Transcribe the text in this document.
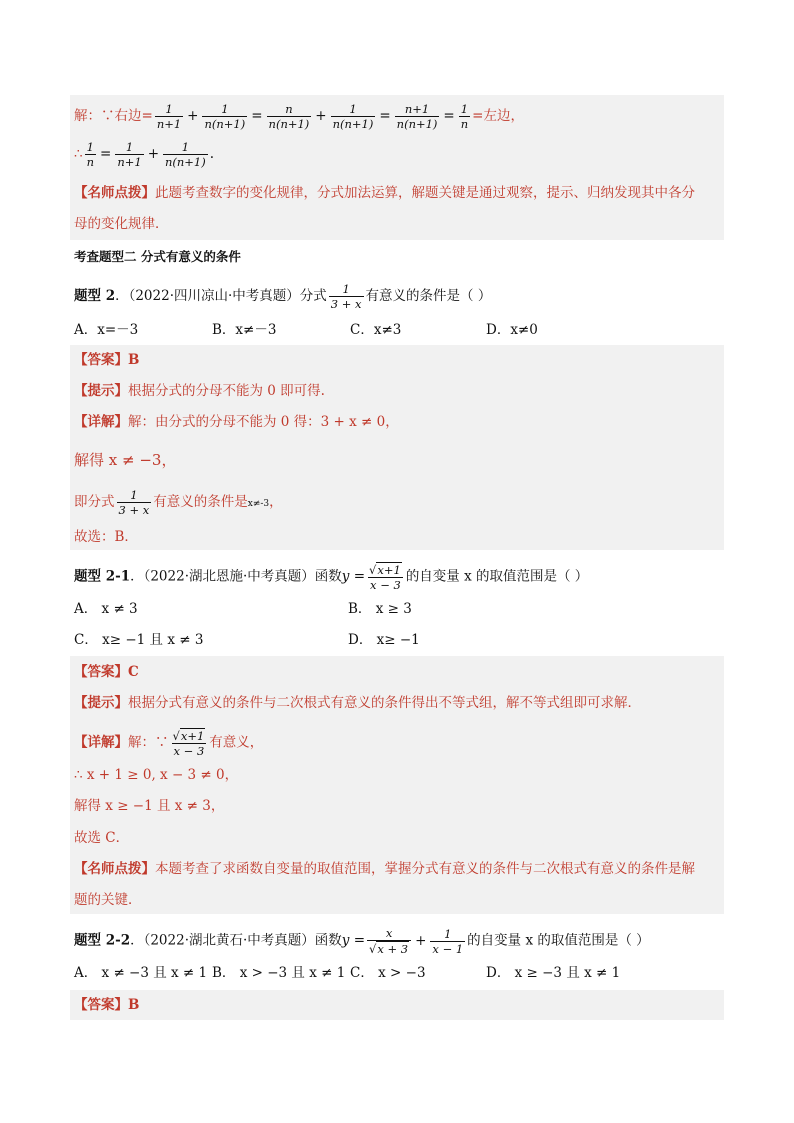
解：∵右边= $\frac{1}{n+1} + \frac{1}{n(n+1)} = \frac{n}{n(n+1)} + \frac{1}{n(n+1)} = \frac{n+1}{n(n+1)} = \frac{1}{n}$ =左边，
∴ $\frac{1}{n} = \frac{1}{n+1} + \frac{1}{n(n+1)}$ .
【名师点拨】此题考查数字的变化规律，分式加法运算，解题关键是通过观察，提示、归纳发现其中各分
母的变化规律．
考查题型二 分式有意义的条件
题型 2．（2022·四川凉山·中考真题）分式 $\frac{1}{3 + x}$ 有意义的条件是（ ）
A．x=－3	B．x≠－3	C．x≠3	D．x≠0
【答案】B
【提示】根据分式的分母不能为 0 即可得.
【详解】解：由分式的分母不能为 0 得：3 + x ≠ 0，
解得 x ≠ −3，
即分式 $\frac{1}{3 + x}$ 有意义的条件是x≠-3，
故选：B．
题型 2-1．（2022·湖北恩施·中考真题）函数$y = \frac{√x+1}{x - 3}$ 的自变量 x 的取值范围是（ ）
A． x ≠ 3	B． x ≥ 3
C． x≥ −1 且 x ≠ 3	D． x≥ −1
【答案】C
【提示】根据分式有意义的条件与二次根式有意义的条件得出不等式组，解不等式组即可求解．
【详解】解：∵ $\frac{√x+1}{x - 3}$ 有意义，
∴ x + 1 ≥ 0, x − 3 ≠ 0，
解得 x ≥ −1 且 x ≠ 3，
故选 C．
【名师点拨】本题考查了求函数自变量的取值范围，掌握分式有意义的条件与二次根式有意义的条件是解
题的关键．
题型 2-2．（2022·湖北黄石·中考真题）函数$y = \frac{x}{√x + 3} + \frac{1}{x - 1}$ 的自变量 x 的取值范围是（ ）
A． x ≠ −3 且 x ≠ 1 B． x > −3 且 x ≠ 1 C． x > −3	D． x ≥ −3 且 x ≠ 1
【答案】B
